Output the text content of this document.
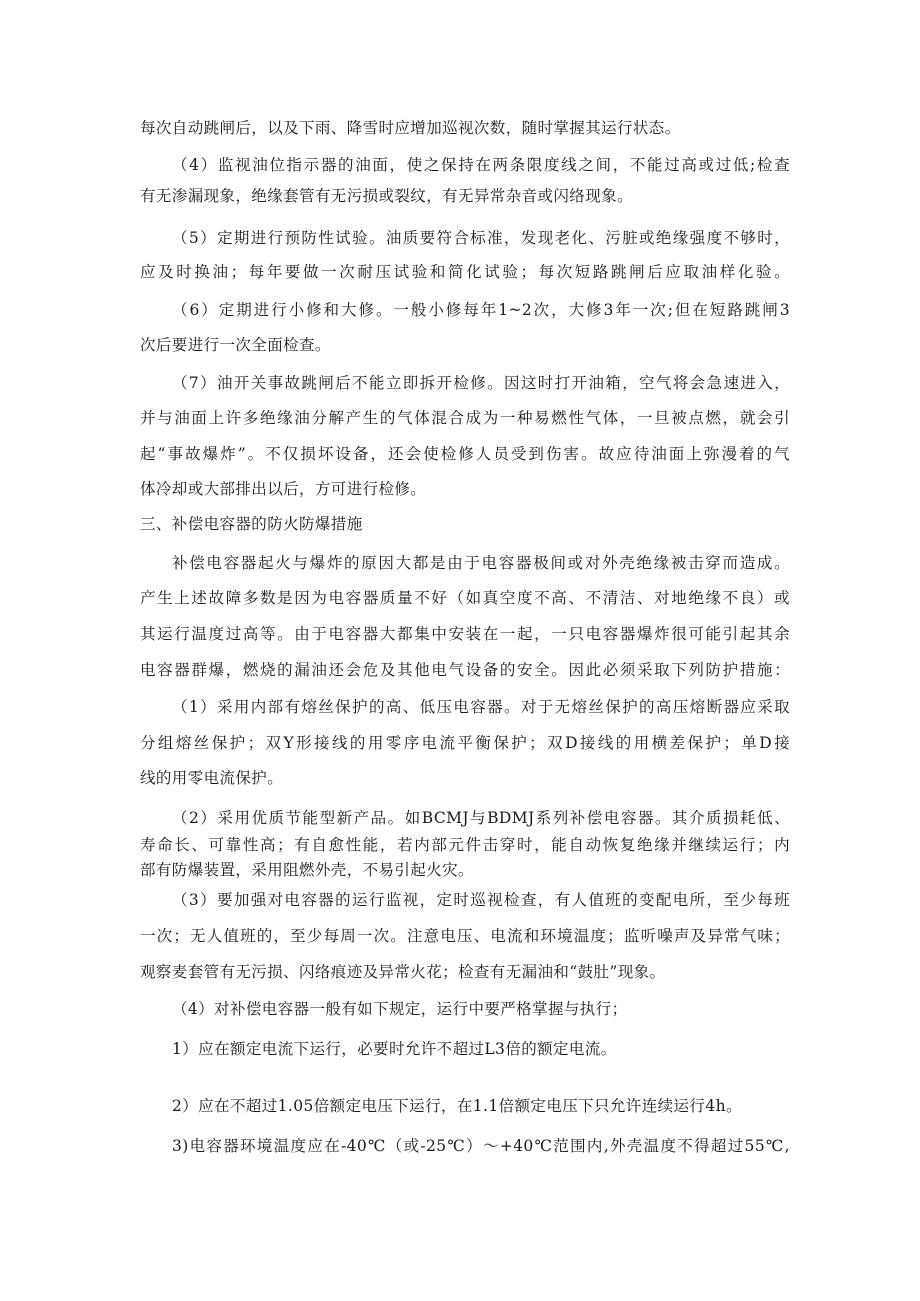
每次自动跳闸后，以及下雨、降雪时应增加巡视次数，随时掌握其运行状态。
（4）监视油位指示器的油面，使之保持在两条限度线之间，不能过高或过低;检查
有无渗漏现象，绝缘套管有无污损或裂纹，有无异常杂音或闪络现象。
（5）定期进行预防性试验。油质要符合标准，发现老化、污脏或绝缘强度不够时，
应及时换油；每年要做一次耐压试验和简化试验；每次短路跳闸后应取油样化验。
（6）定期进行小修和大修。一般小修每年1~2次，大修3年一次;但在短路跳闸3
次后要进行一次全面检查。
（7）油开关事故跳闸后不能立即拆开检修。因这时打开油箱，空气将会急速进入，
并与油面上许多绝缘油分解产生的气体混合成为一种易燃性气体，一旦被点燃，就会引
起“事故爆炸”。不仅损坏设备，还会使检修人员受到伤害。故应待油面上弥漫着的气
体冷却或大部排出以后，方可进行检修。
三、补偿电容器的防火防爆措施
补偿电容器起火与爆炸的原因大都是由于电容器极间或对外壳绝缘被击穿而造成。
产生上述故障多数是因为电容器质量不好（如真空度不高、不清洁、对地绝缘不良）或
其运行温度过高等。由于电容器大都集中安装在一起，一只电容器爆炸很可能引起其余
电容器群爆，燃烧的漏油还会危及其他电气设备的安全。因此必须采取下列防护措施：
（1）采用内部有熔丝保护的高、低压电容器。对于无熔丝保护的高压熔断器应采取
分组熔丝保护；双Y形接线的用零序电流平衡保护；双D接线的用横差保护；单D接
线的用零电流保护。
（2）采用优质节能型新产品。如BCMJ与BDMJ系列补偿电容器。其介质损耗低、
寿命长、可靠性高；有自愈性能，若内部元件击穿时，能自动恢复绝缘并继续运行；内
部有防爆装置，采用阻燃外壳，不易引起火灾。
（3）要加强对电容器的运行监视，定时巡视检查，有人值班的变配电所，至少每班
一次；无人值班的，至少每周一次。注意电压、电流和环境温度；监听噪声及异常气味；
观察麦套管有无污损、闪络痕迹及异常火花；检查有无漏油和“鼓肚”现象。
（4）对补偿电容器一般有如下规定，运行中要严格掌握与执行；
1）应在额定电流下运行，必要时允许不超过L3倍的额定电流。
2）应在不超过1.05倍额定电压下运行，在1.1倍额定电压下只允许连续运行4h。
3)电容器环境温度应在-40℃（或-25℃）～+40℃范围内,外壳温度不得超过55℃,
